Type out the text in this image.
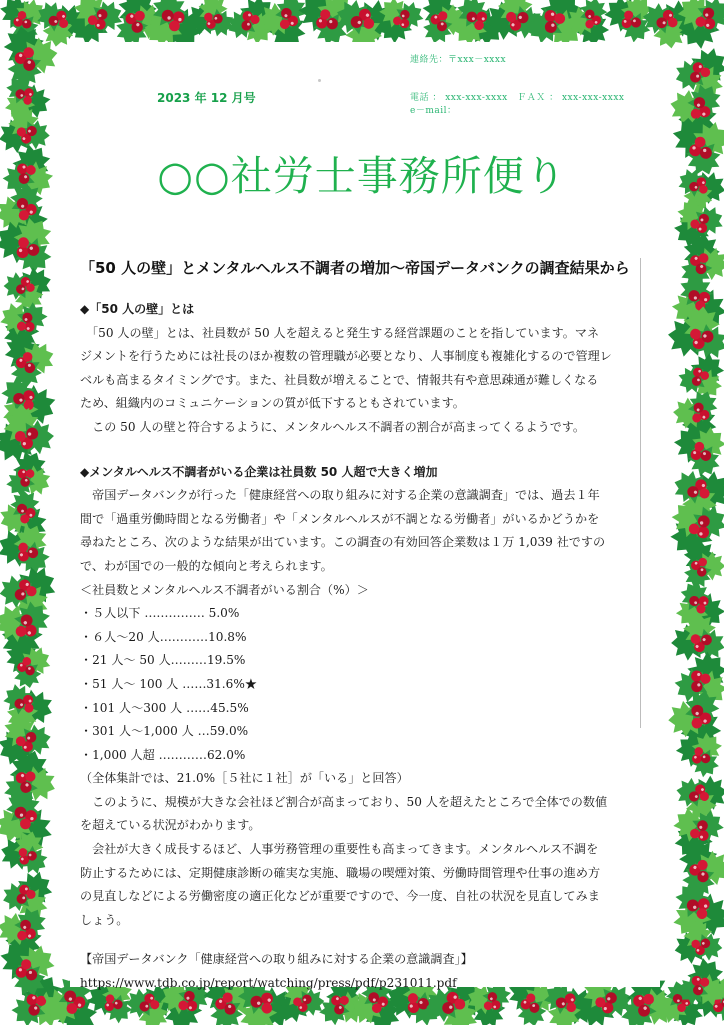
連絡先：〒xxx－xxxx
電話 ： xxx-xxx-xxxx　ＦＡＸ ： xxx-xxx-xxxx
e－mail：
2023 年 12 月号
○○社労士事務所便り
「50 人の壁」とメンタルヘルス不調者の増加～帝国データバンクの調査結果から

◆「50 人の壁」とは

　「50 人の壁」とは、社員数が 50 人を超えると発生する経営課題のことを指しています。マネ

ジメントを行うためには社長のほか複数の管理職が必要となり、人事制度も複雑化するので管理レ

ベルも高まるタイミングです。また、社員数が増えることで、情報共有や意思疎通が難しくなる

ため、組織内のコミュニケーションの質が低下するともされています。

　この 50 人の壁と符合するように、メンタルヘルス不調者の割合が高まってくるようです。

◆メンタルヘルス不調者がいる企業は社員数 50 人超で大きく増加

　帝国データバンクが行った「健康経営への取り組みに対する企業の意識調査」では、過去１年

間で「過重労働時間となる労働者」や「メンタルヘルスが不調となる労働者」がいるかどうかを

尋ねたところ、次のような結果が出ています。この調査の有効回答企業数は１万 1,039 社ですの

で、わが国での一般的な傾向と考えられます。

＜社員数とメンタルヘルス不調者がいる割合（%）＞

・５人以下 …………… 5.0%

・６人～20 人…………10.8%

・21 人～ 50 人………19.5%

・51 人～ 100 人 ……31.6%★

・101 人～300 人 ……45.5%

・301 人～1,000 人 …59.0%

・1,000 人超 …………62.0%

（全体集計では、21.0%［５社に１社］が「いる」と回答）

　このように、規模が大きな会社ほど割合が高まっており、50 人を超えたところで全体での数値

を超えている状況がわかります。

　会社が大きく成長するほど、人事労務管理の重要性も高まってきます。メンタルヘルス不調を

防止するためには、定期健康診断の確実な実施、職場の喫煙対策、労働時間管理や仕事の進め方

の見直しなどによる労働密度の適正化などが重要ですので、今一度、自社の状況を見直してみま

しょう。

【帝国データバンク「健康経営への取り組みに対する企業の意識調査」】

https://www.tdb.co.jp/report/watching/press/pdf/p231011.pdf
